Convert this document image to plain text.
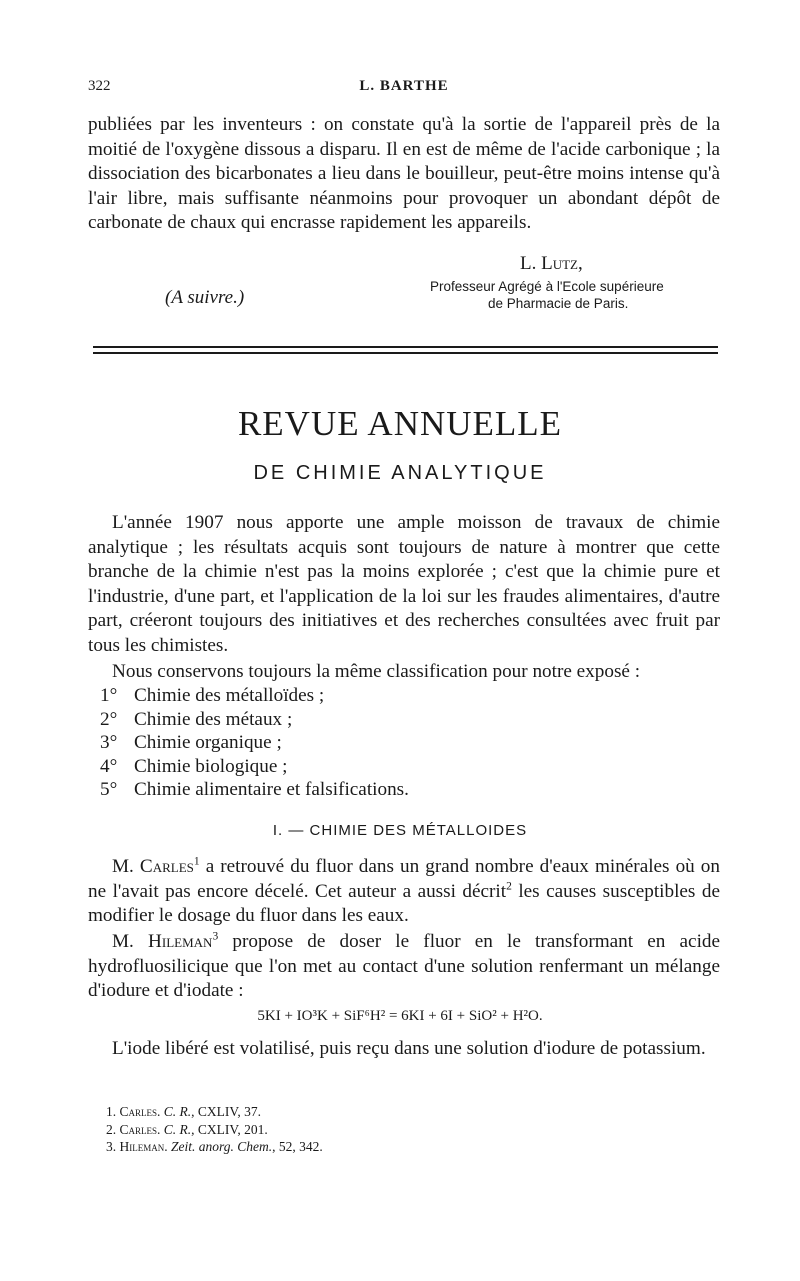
322	L. BARTHE

publiées par les inventeurs : on constate qu'à la sortie de l'appareil près de la moitié de l'oxygène dissous a disparu. Il en est de même de l'acide carbonique ; la dissociation des bicarbonates a lieu dans le bouilleur, peut-être moins intense qu'à l'air libre, mais suffisante néanmoins pour provoquer un abondant dépôt de carbonate de chaux qui encrasse rapidement les appareils.

L. Lutz,
Professeur Agrégé à l'Ecole supérieure
de Pharmacie de Paris.
(A suivre.)
REVUE ANNUELLE
DE CHIMIE ANALYTIQUE

L'année 1907 nous apporte une ample moisson de travaux de chimie analytique ; les résultats acquis sont toujours de nature à montrer que cette branche de la chimie n'est pas la moins explorée ; c'est que la chimie pure et l'industrie, d'une part, et l'application de la loi sur les fraudes alimentaires, d'autre part, créeront toujours des initiatives et des recherches consultées avec fruit par tous les chimistes.

Nous conservons toujours la même classification pour notre exposé :

1° Chimie des métalloïdes ;
2° Chimie des métaux ;
3° Chimie organique ;
4° Chimie biologique ;
5° Chimie alimentaire et falsifications.
I. — CHIMIE DES MÉTALLOIDES

M. Carles$^1$ a retrouvé du fluor dans un grand nombre d'eaux minérales où on ne l'avait pas encore décelé. Cet auteur a aussi décrit$^2$ les causes susceptibles de modifier le dosage du fluor dans les eaux.

M. Hileman$^3$ propose de doser le fluor en le transformant en acide hydrofluosilicique que l'on met au contact d'une solution renfermant un mélange d'iodure et d'iodate :

5KI + IO³K + SiF⁶H² = 6KI + 6I + SiO² + H²O.

L'iode libéré est volatilisé, puis reçu dans une solution d'iodure de potassium.

1. Carles. C. R., CXLIV, 37.
2. Carles. C. R., CXLIV, 201.
3. Hileman. Zeit. anorg. Chem., 52, 342.
